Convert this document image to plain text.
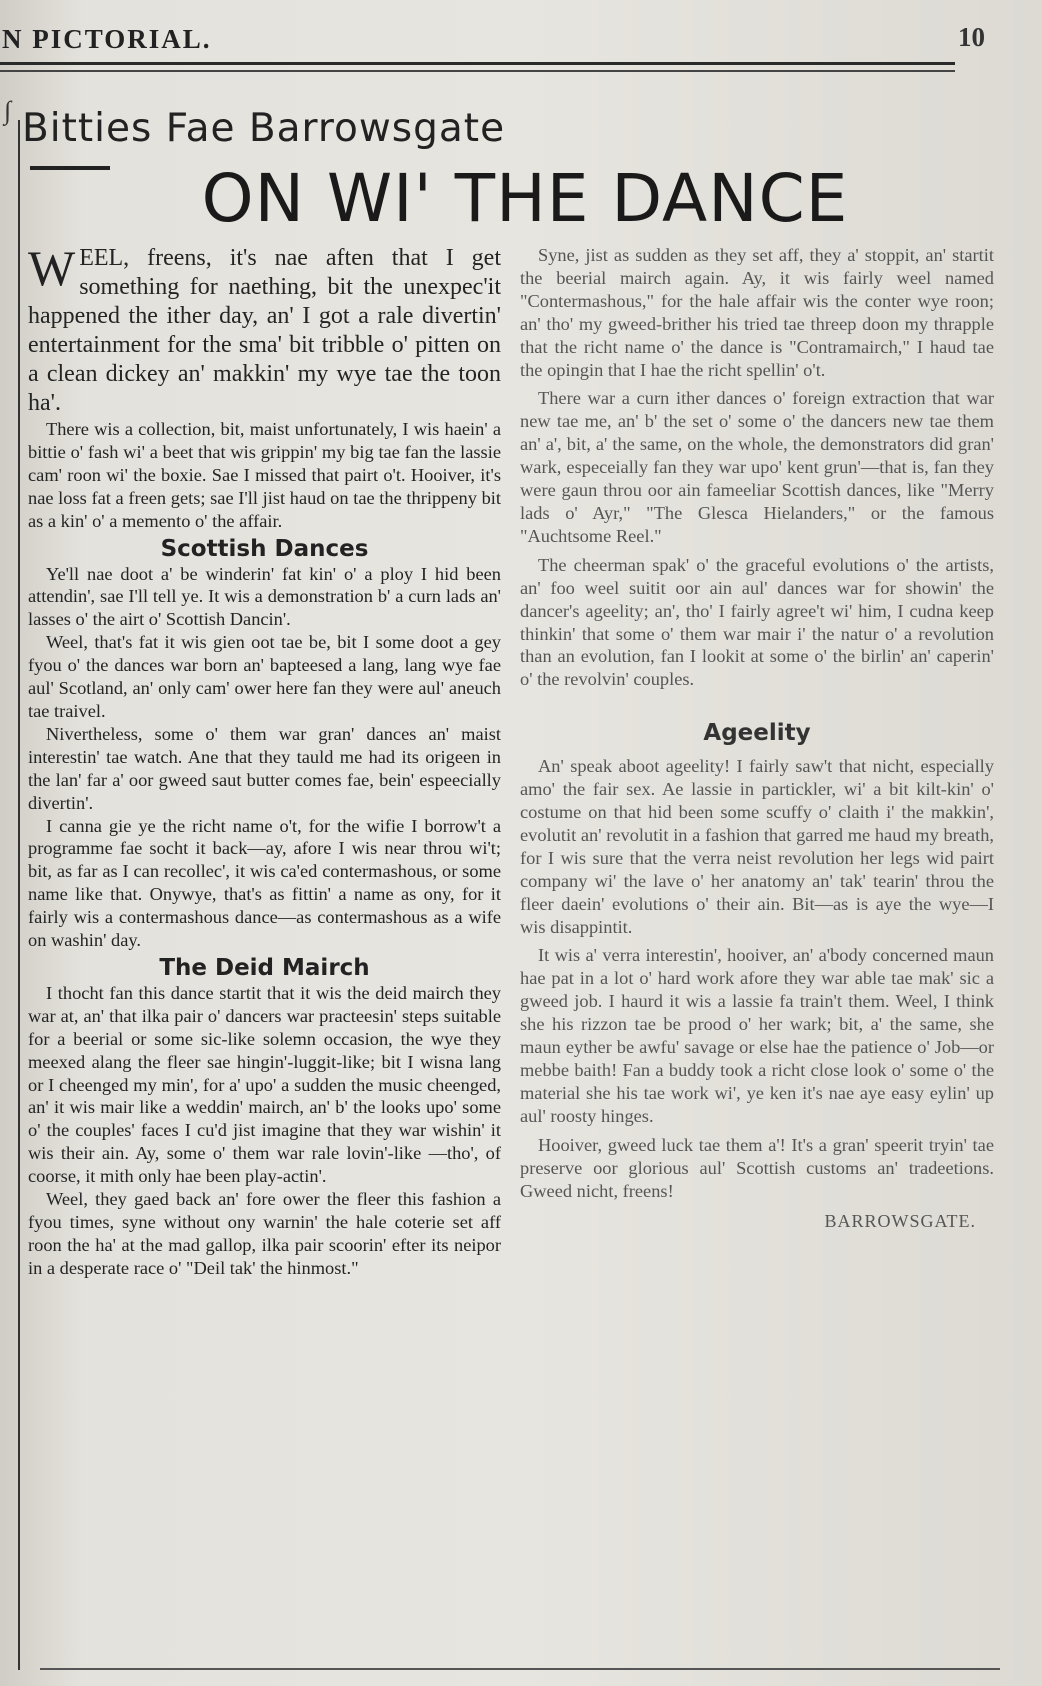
N PICTORIAL.	10
∫ Bitties Fae Barrowsgate
ON WI' THE DANCE

WEEL, freens, it's nae aften that I get something for naething, bit the unexpec'it happened the ither day, an' I got a rale divertin' entertainment for the sma' bit tribble o' pitten on a clean dickey an' makkin' my wye tae the toon ha'.

There wis a collection, bit, maist unfortunately, I wis haein' a bittie o' fash wi' a beet that wis grippin' my big tae fan the lassie cam' roon wi' the boxie. Sae I missed that pairt o't. Hooiver, it's nae loss fat a freen gets; sae I'll jist haud on tae the thrippeny bit as a kin' o' a memento o' the affair.

Scottish Dances

Ye'll nae doot a' be winderin' fat kin' o' a ploy I hid been attendin', sae I'll tell ye. It wis a demonstration b' a curn lads an' lasses o' the airt o' Scottish Dancin'.

Weel, that's fat it wis gien oot tae be, bit I some doot a gey fyou o' the dances war born an' bapteesed a lang, lang wye fae aul' Scotland, an' only cam' ower here fan they were aul' aneuch tae traivel.

Nivertheless, some o' them war gran' dances an' maist interestin' tae watch. Ane that they tauld me had its origeen in the lan' far a' oor gweed saut butter comes fae, bein' espeecially divertin'.

I canna gie ye the richt name o't, for the wifie I borrow't a programme fae socht it back—ay, afore I wis near throu wi't; bit, as far as I can recollec', it wis ca'ed contermashous, or some name like that. Onywye, that's as fittin' a name as ony, for it fairly wis a contermashous dance—as contermashous as a wife on washin' day.

The Deid Mairch

I thocht fan this dance startit that it wis the deid mairch they war at, an' that ilka pair o' dancers war practeesin' steps suitable for a beerial or some sic-like solemn occasion, the wye they meexed alang the fleer sae hingin'-luggit-like; bit I wisna lang or I cheenged my min', for a' upo' a sudden the music cheenged, an' it wis mair like a weddin' mairch, an' b' the looks upo' some o' the couples' faces I cu'd jist imagine that they war wishin' it wis their ain. Ay, some o' them war rale lovin'-like —tho', of coorse, it mith only hae been play-actin'.

Weel, they gaed back an' fore ower the fleer this fashion a fyou times, syne without ony warnin' the hale coterie set aff roon the ha' at the mad gallop, ilka pair scoorin' efter its neipor in a desperate race o' "Deil tak' the hinmost."

Syne, jist as sudden as they set aff, they a' stoppit, an' startit the beerial mairch again. Ay, it wis fairly weel named "Contermashous," for the hale affair wis the conter wye roon; an' tho' my gweed-brither his tried tae threep doon my thrapple that the richt name o' the dance is "Contramairch," I haud tae the opingin that I hae the richt spellin' o't.

There war a curn ither dances o' foreign extraction that war new tae me, an' b' the set o' some o' the dancers new tae them an' a', bit, a' the same, on the whole, the demonstrators did gran' wark, especeially fan they war upo' kent grun'—that is, fan they were gaun throu oor ain fameeliar Scottish dances, like "Merry lads o' Ayr," "The Glesca Hielanders," or the famous "Auchtsome Reel."

The cheerman spak' o' the graceful evolutions o' the artists, an' foo weel suitit oor ain aul' dances war for showin' the dancer's ageelity; an', tho' I fairly agree't wi' him, I cudna keep thinkin' that some o' them war mair i' the natur o' a revolution than an evolution, fan I lookit at some o' the birlin' an' caperin' o' the revolvin' couples.

Ageelity

An' speak aboot ageelity! I fairly saw't that nicht, especially amo' the fair sex. Ae lassie in partickler, wi' a bit kilt-kin' o' costume on that hid been some scuffy o' claith i' the makkin', evolutit an' revolutit in a fashion that garred me haud my breath, for I wis sure that the verra neist revolution her legs wid pairt company wi' the lave o' her anatomy an' tak' tearin' throu the fleer daein' evolutions o' their ain. Bit—as is aye the wye—I wis disappintit.

It wis a' verra interestin', hooiver, an' a'body concerned maun hae pat in a lot o' hard work afore they war able tae mak' sic a gweed job. I haurd it wis a lassie fa train't them. Weel, I think she his rizzon tae be prood o' her wark; bit, a' the same, she maun eyther be awfu' savage or else hae the patience o' Job—or mebbe baith! Fan a buddy took a richt close look o' some o' the material she his tae work wi', ye ken it's nae aye easy eylin' up aul' roosty hinges.

Hooiver, gweed luck tae them a'! It's a gran' speerit tryin' tae preserve oor glorious aul' Scottish customs an' tradeetions. Gweed nicht, freens!

BARROWSGATE.
